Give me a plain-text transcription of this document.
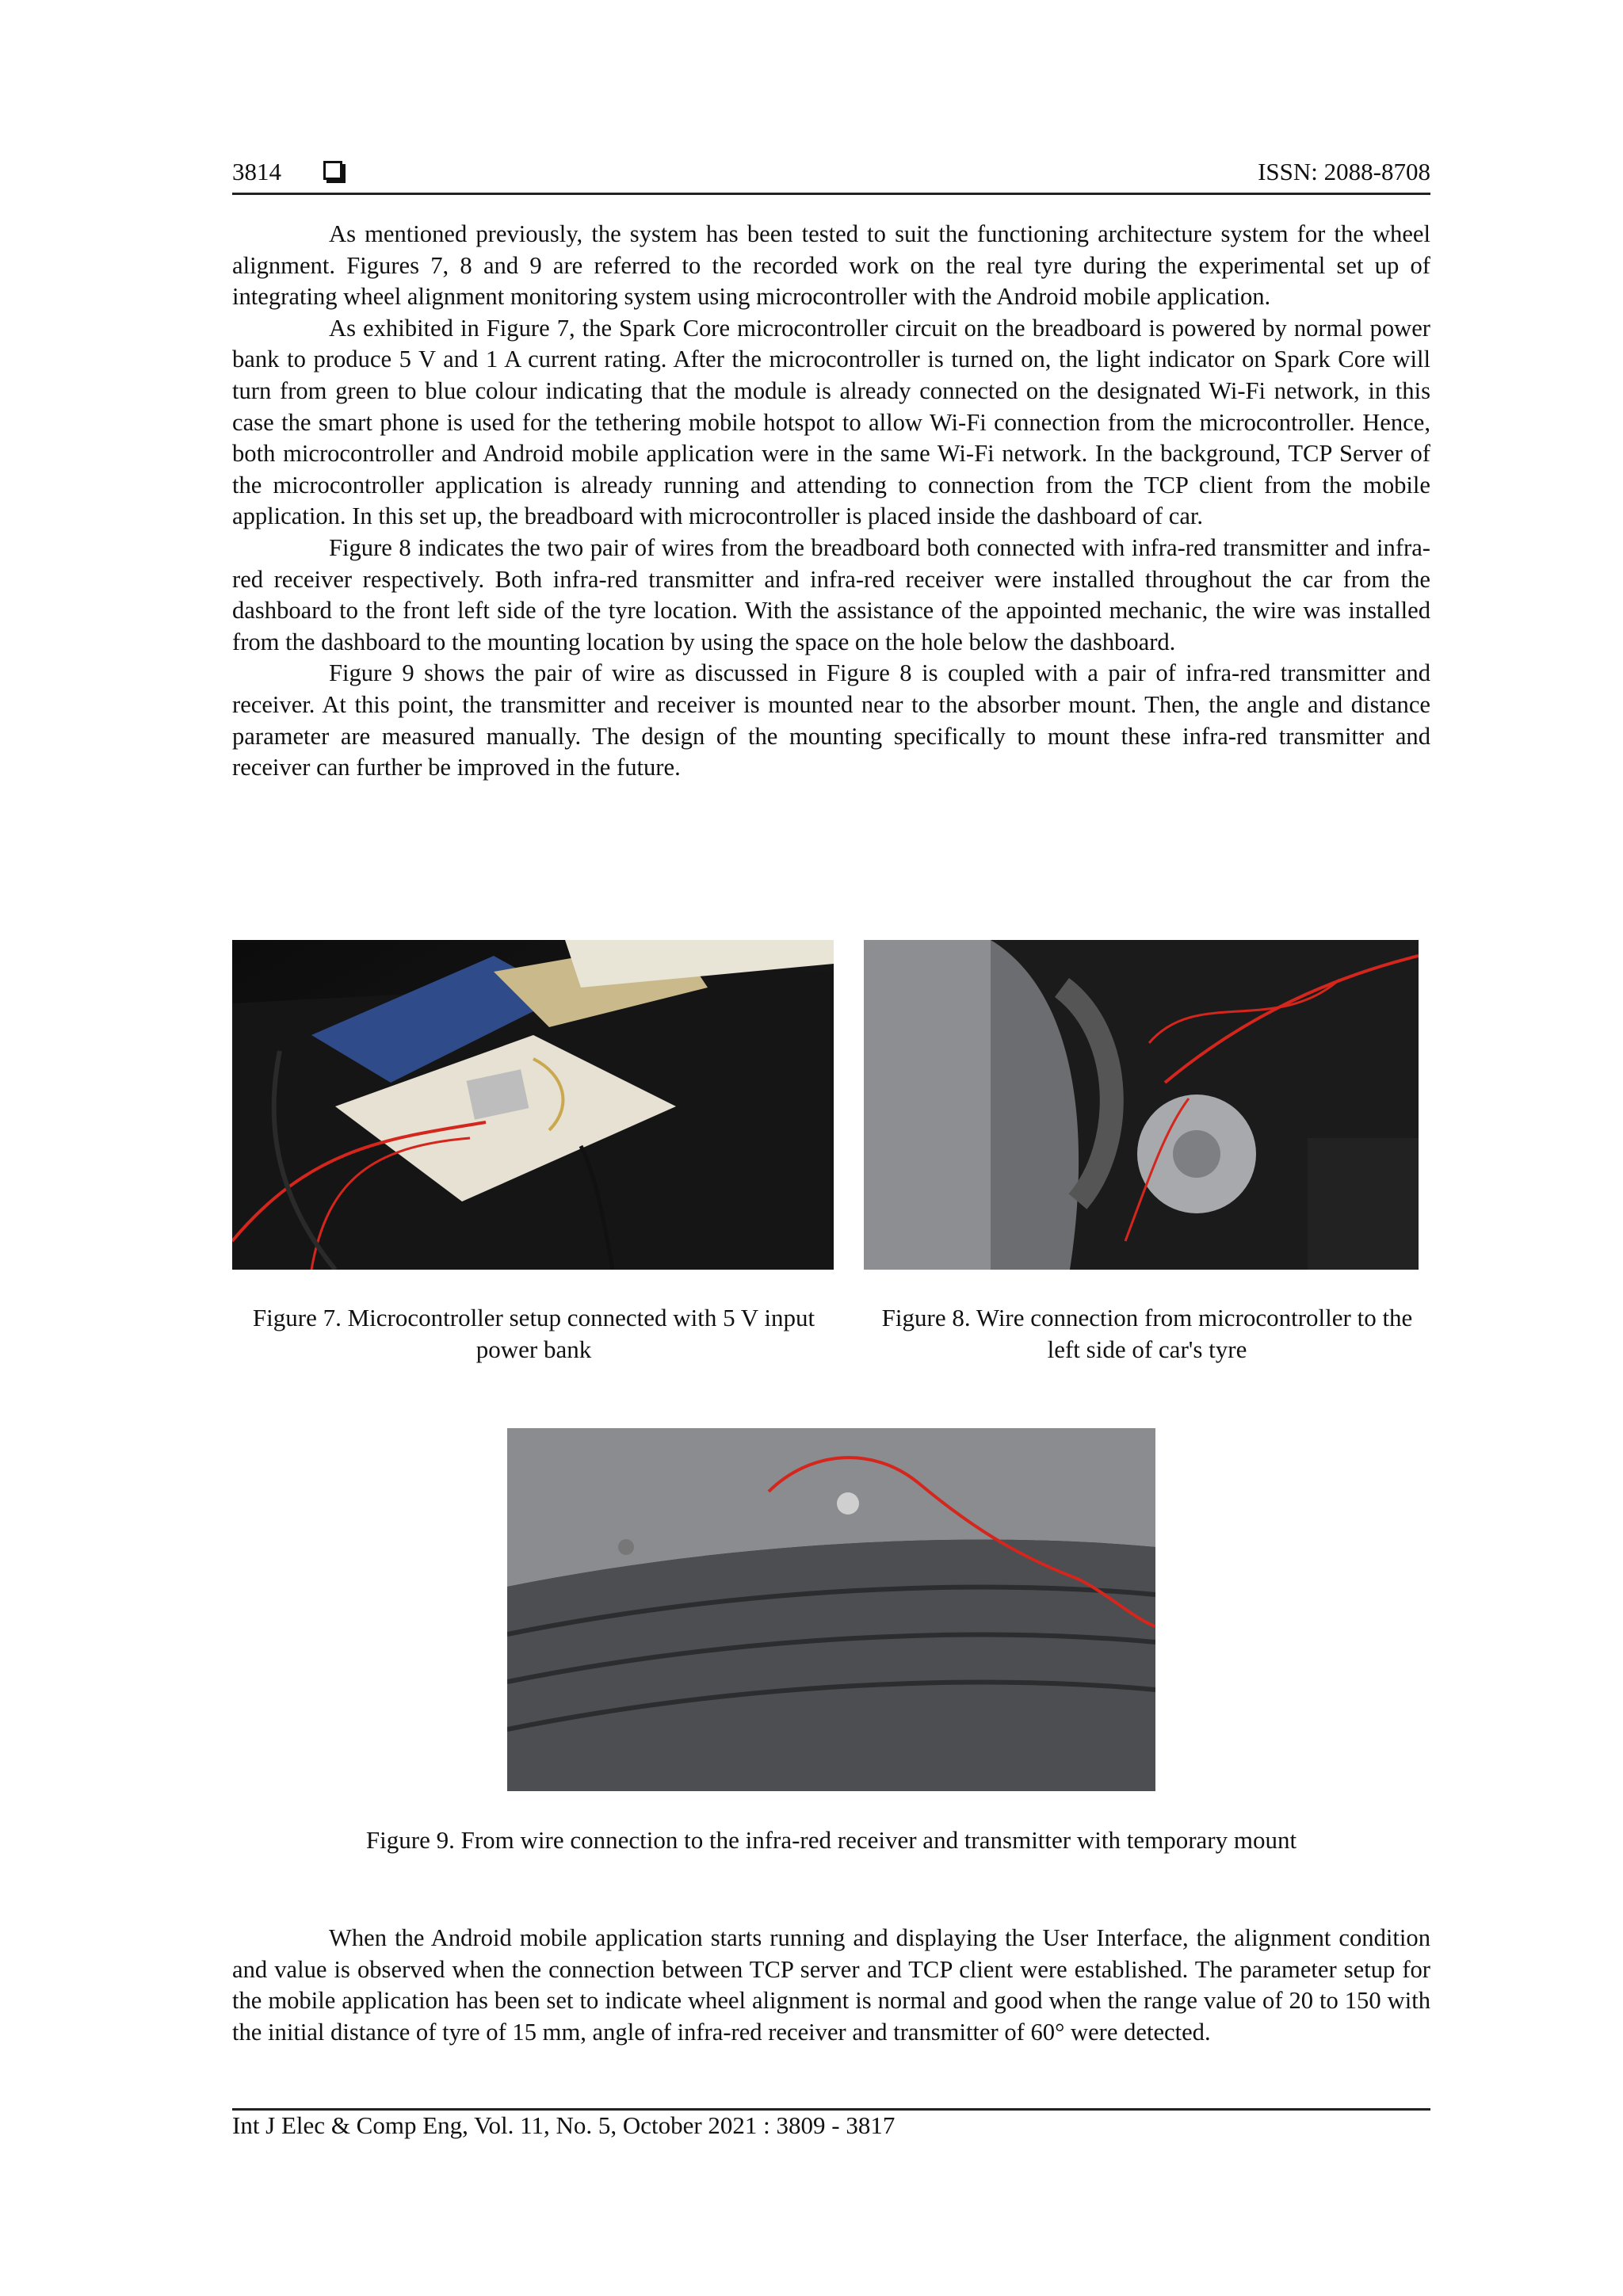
3814	ISSN: 2088-8708

As mentioned previously, the system has been tested to suit the functioning architecture system for the wheel alignment. Figures 7, 8 and 9 are referred to the recorded work on the real tyre during the experimental set up of integrating wheel alignment monitoring system using microcontroller with the Android mobile application.

As exhibited in Figure 7, the Spark Core microcontroller circuit on the breadboard is powered by normal power bank to produce 5 V and 1 A current rating. After the microcontroller is turned on, the light indicator on Spark Core will turn from green to blue colour indicating that the module is already connected on the designated Wi-Fi network, in this case the smart phone is used for the tethering mobile hotspot to allow Wi-Fi connection from the microcontroller. Hence, both microcontroller and Android mobile application were in the same Wi-Fi network. In the background, TCP Server of the microcontroller application is already running and attending to connection from the TCP client from the mobile application. In this set up, the breadboard with microcontroller is placed inside the dashboard of car.

Figure 8 indicates the two pair of wires from the breadboard both connected with infra-red transmitter and infra-red receiver respectively. Both infra-red transmitter and infra-red receiver were installed throughout the car from the dashboard to the front left side of the tyre location. With the assistance of the appointed mechanic, the wire was installed from the dashboard to the mounting location by using the space on the hole below the dashboard.

Figure 9 shows the pair of wire as discussed in Figure 8 is coupled with a pair of infra-red transmitter and receiver. At this point, the transmitter and receiver is mounted near to the absorber mount. Then, the angle and distance parameter are measured manually. The design of the mounting specifically to mount these infra-red transmitter and receiver can further be improved in the future.

Figure 7. Microcontroller setup connected with 5 V input power bank
Figure 8. Wire connection from microcontroller to the left side of car's tyre
Figure 9. From wire connection to the infra-red receiver and transmitter with temporary mount

When the Android mobile application starts running and displaying the User Interface, the alignment condition and value is observed when the connection between TCP server and TCP client were established. The parameter setup for the mobile application has been set to indicate wheel alignment is normal and good when the range value of 20 to 150 with the initial distance of tyre of 15 mm, angle of infra-red receiver and transmitter of 60° were detected.

Int J Elec & Comp Eng, Vol. 11, No. 5, October 2021 : 3809 - 3817
